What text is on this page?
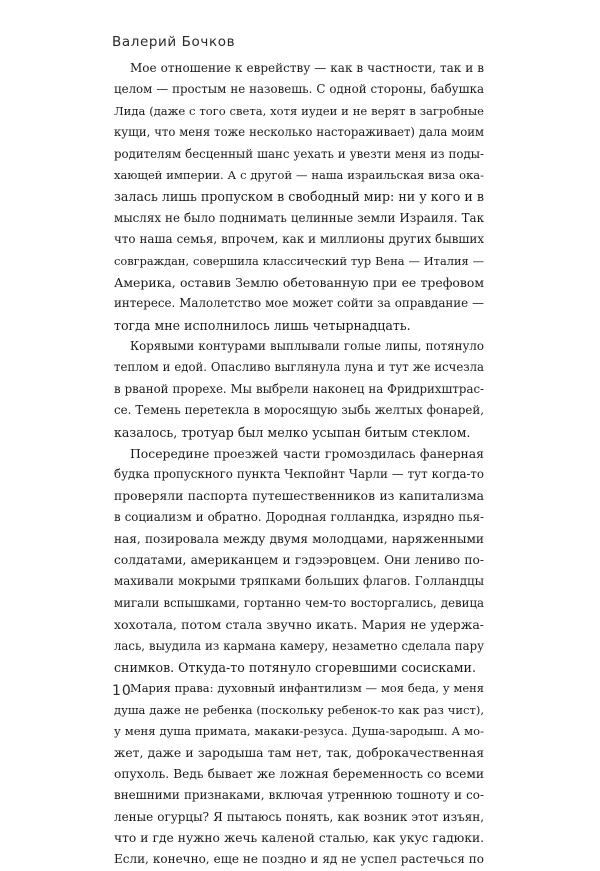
Валерий Бочков

Мое отношение к еврейству — как в частности, так и в
целом — простым не назовешь. С одной стороны, бабушка
Лида (даже с того света, хотя иудеи и не верят в загробные
кущи, что меня тоже несколько настораживает) дала моим
родителям бесценный шанс уехать и увезти меня из поды-
хающей империи. А с другой — наша израильская виза ока-
залась лишь пропуском в свободный мир: ни у кого и в
мыслях не было поднимать целинные земли Израиля. Так
что наша семья, впрочем, как и миллионы других бывших
совграждан, совершила классический тур Вена — Италия —
Америка, оставив Землю обетованную при ее трефовом
интересе. Малолетство мое может сойти за оправдание —
тогда мне исполнилось лишь четырнадцать.
Корявыми контурами выплывали голые липы, потянуло
теплом и едой. Опасливо выглянула луна и тут же исчезла
в рваной прорехе. Мы выбрели наконец на Фридрихштрас-
се. Темень перетекла в моросящую зыбь желтых фонарей,
казалось, тротуар был мелко усыпан битым стеклом.
Посередине проезжей части громоздилась фанерная
будка пропускного пункта Чекпойнт Чарли — тут когда-то
проверяли паспорта путешественников из капитализма
в социализм и обратно. Дородная голландка, изрядно пья-
ная, позировала между двумя молодцами, наряженными
солдатами, американцем и гэдээровцем. Они лениво по-
махивали мокрыми тряпками больших флагов. Голландцы
мигали вспышками, гортанно чем-то восторгались, девица
хохотала, потом стала звучно икать. Мария не удержа-
лась, выудила из кармана камеру, незаметно сделала пару
снимков. Откуда-то потянуло сгоревшими сосисками.
Мария права: духовный инфантилизм — моя беда, у меня
душа даже не ребенка (поскольку ребенок-то как раз чист),
у меня душа примата, макаки-резуса. Душа-зародыш. А мо-
жет, даже и зародыша там нет, так, доброкачественная
опухоль. Ведь бывает же ложная беременность со всеми
внешними признаками, включая утреннюю тошноту и со-
леные огурцы? Я пытаюсь понять, как возник этот изъян,
что и где нужно жечь каленой сталью, как укус гадюки.
Если, конечно, еще не поздно и яд не успел растечься по

10
